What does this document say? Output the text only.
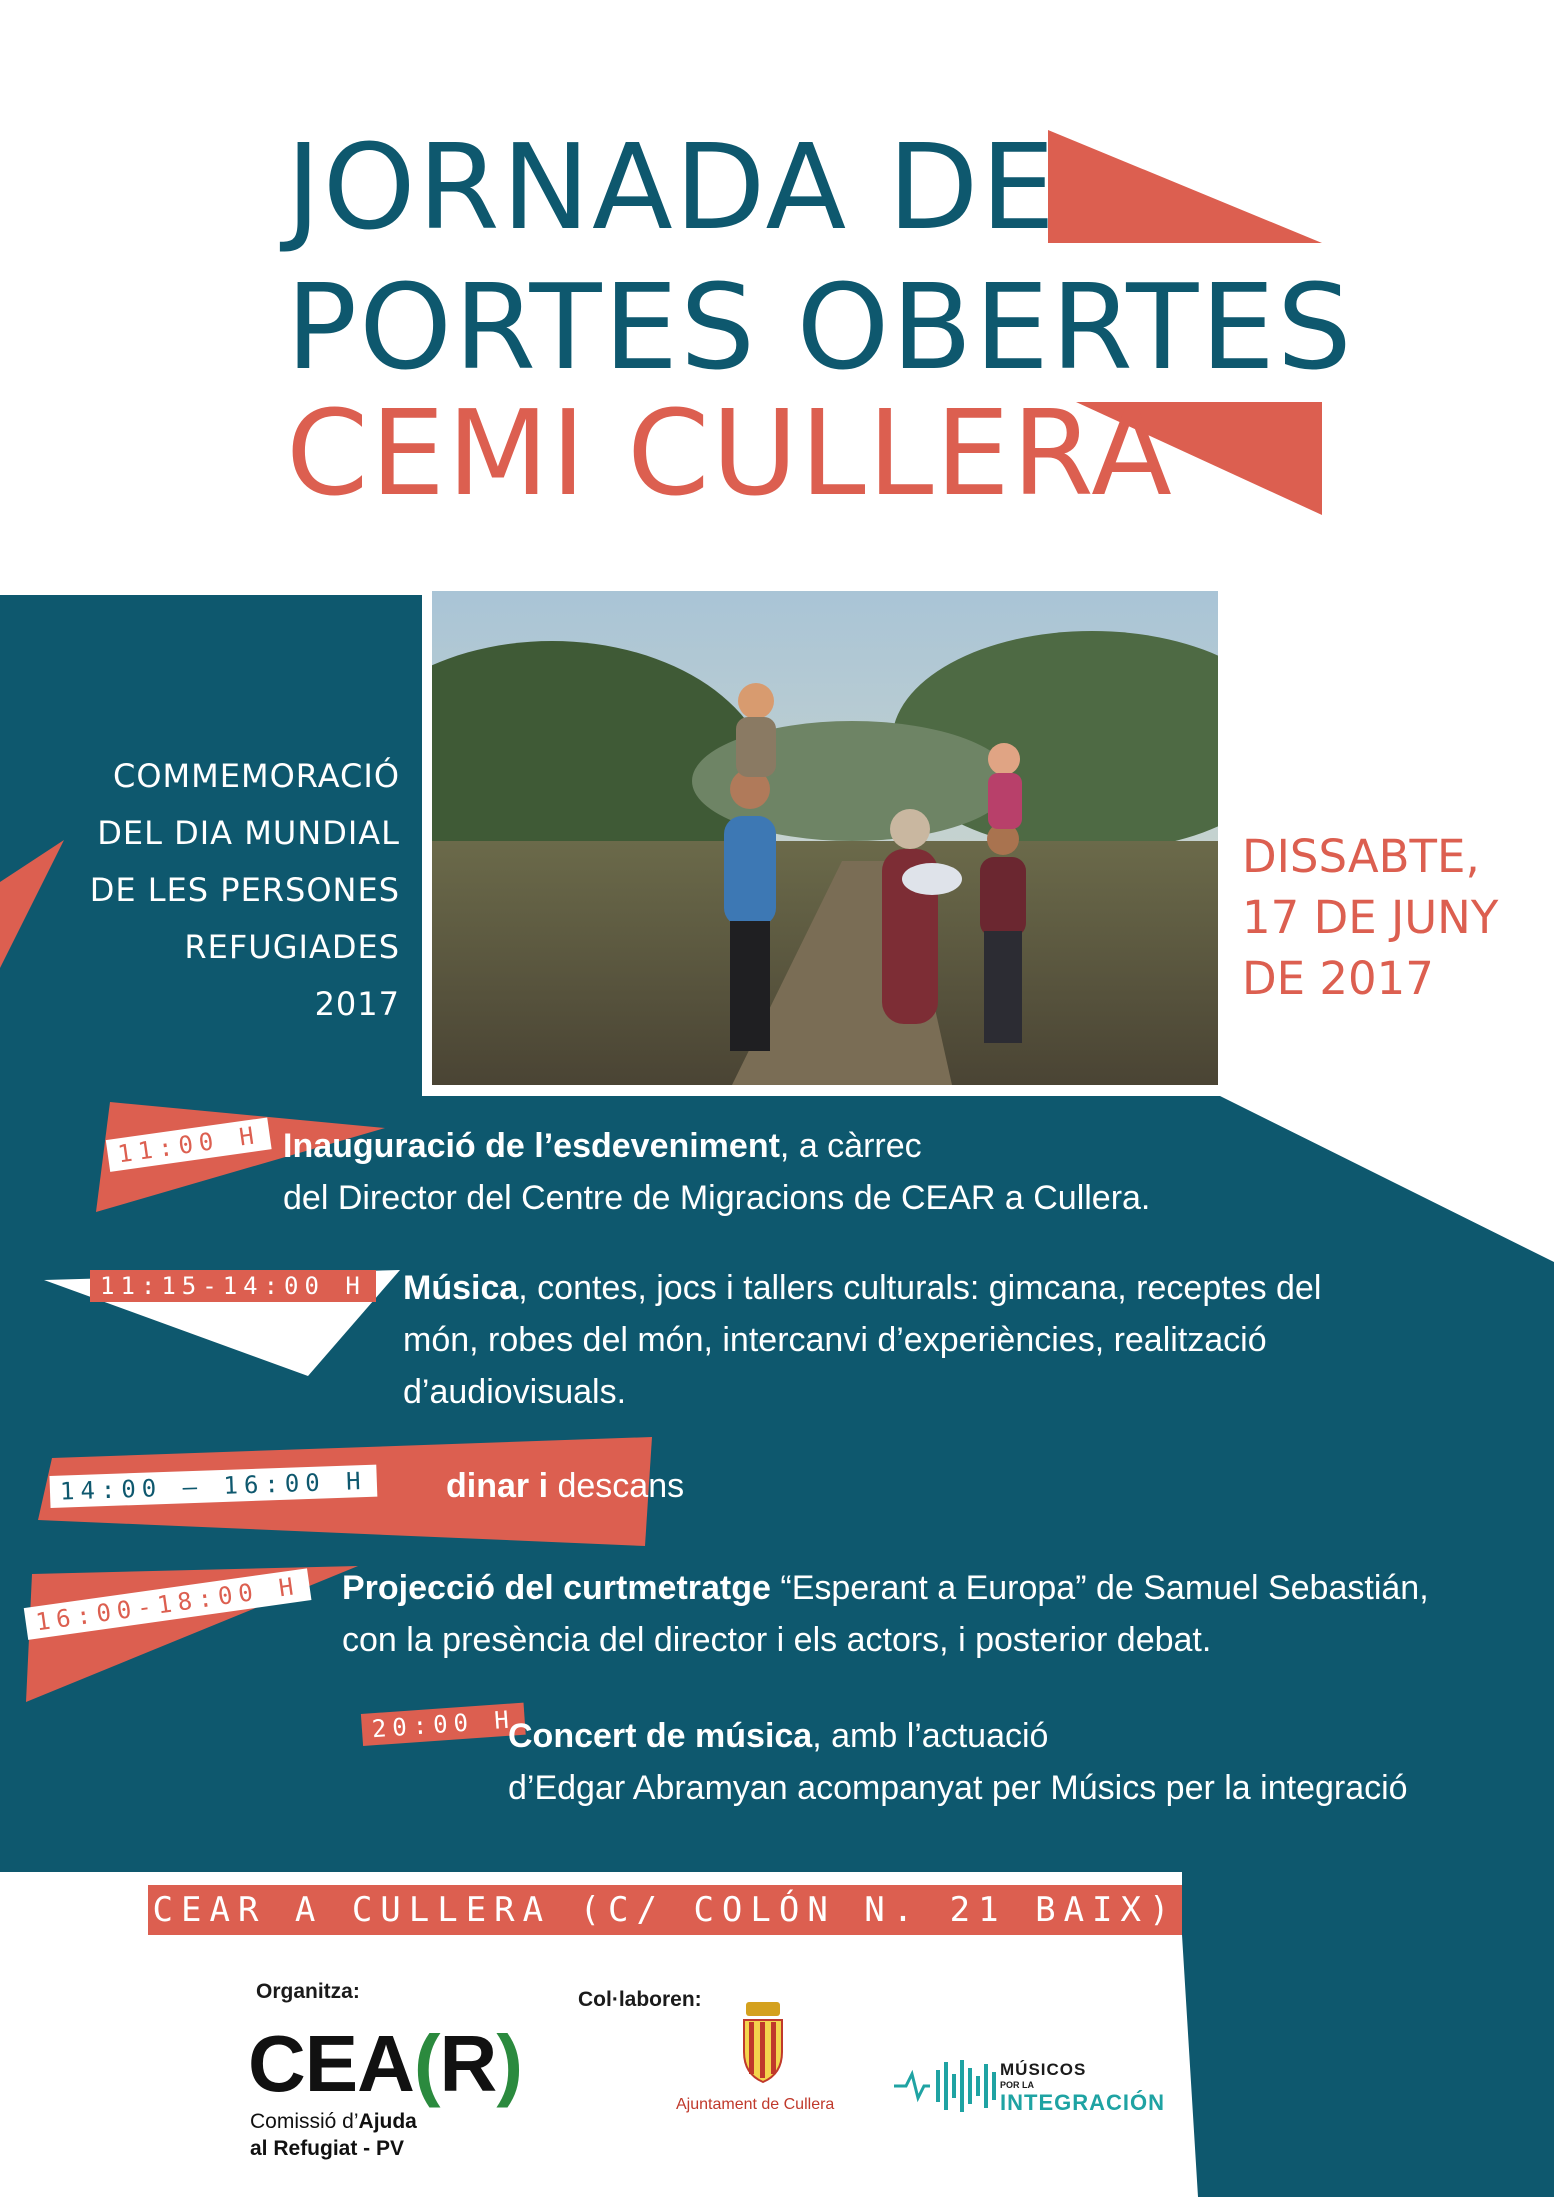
JORNADA DE
PORTES OBERTES
CEMI CULLERA
COMMEMORACIÓ
DEL DIA MUNDIAL
DE LES PERSONES
REFUGIADES
2017
DISSABTE,
17 DE JUNY
DE 2017
11:00 H
11:15-14:00 H
14:00 – 16:00 H
16:00-18:00 H
20:00 H
Inauguració de l’esdeveniment, a càrrec
del Director del Centre de Migracions de CEAR a Cullera.
Música, contes, jocs i tallers culturals: gimcana, receptes del
món, robes del món, intercanvi d’experiències, realització
d’audiovisuals.
dinar i descans
Projecció del curtmetratge “Esperant a Europa” de Samuel Sebastián,
con la presència del director i els actors, i posterior debat.
Concert de música, amb l’actuació
d’Edgar Abramyan acompanyat per Músics per la integració
CEAR A CULLERA (C/ COLÓN N. 21 BAIX)
Organitza:	Col·laboren:
CEA(R)
Comissió d’Ajuda
al Refugiat - PV
Ajuntament de Cullera
MÚSICOS
POR LA
INTEGRACIÓN
